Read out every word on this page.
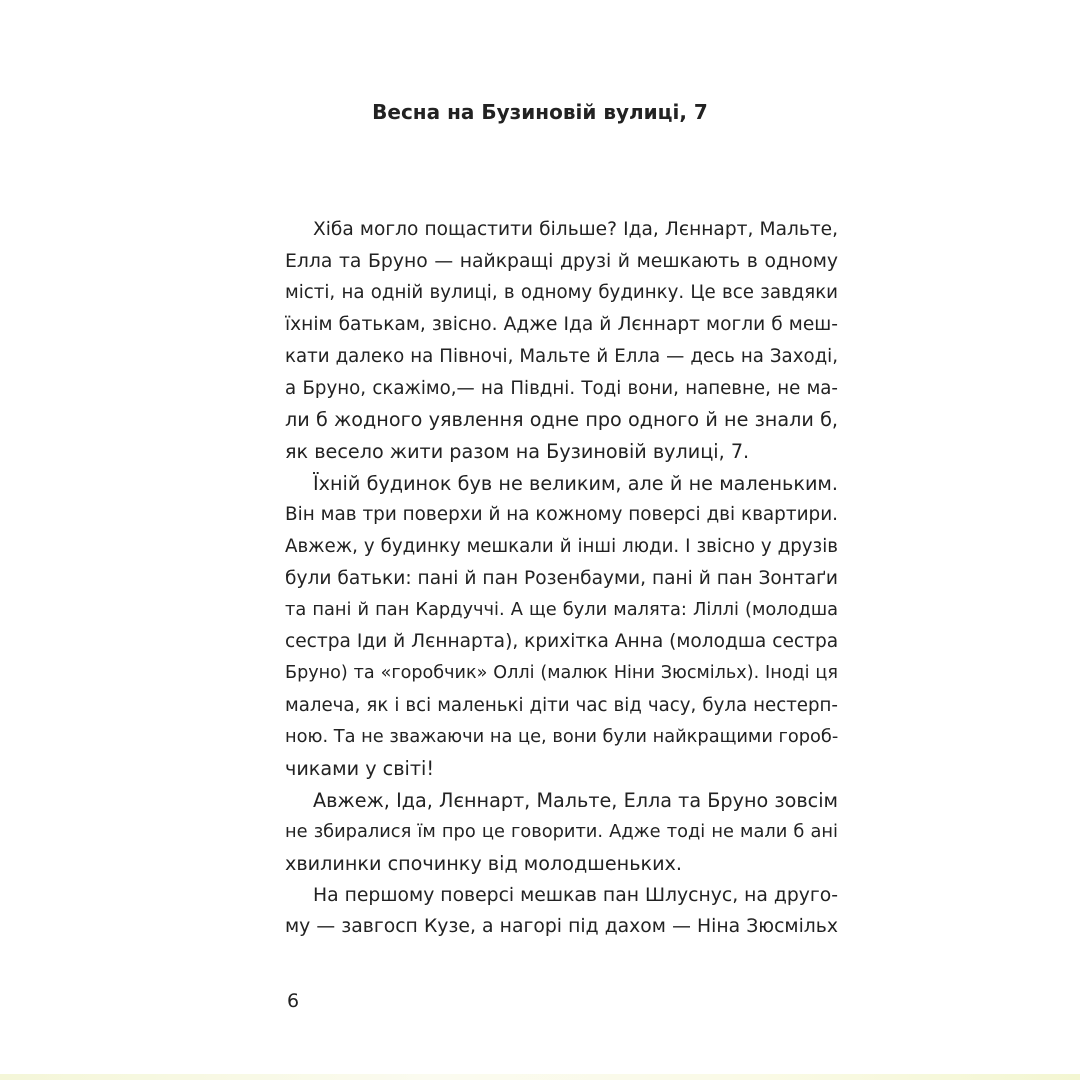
Весна на Бузиновій вулиці, 7

Хіба могло пощастити більше? Іда, Лєннарт, Мальте,

Елла та Бруно — найкращі друзі й мешкають в одному

місті, на одній вулиці, в одному будинку. Це все завдяки

їхнім батькам, звісно. Адже Іда й Лєннарт могли б меш-

кати далеко на Півночі, Мальте й Елла — десь на Заході,

а Бруно, скажімо,— на Півдні. Тоді вони, напевне, не ма-

ли б жодного уявлення одне про одного й не знали б,

як весело жити разом на Бузиновій вулиці, 7.

Їхній будинок був не великим, але й не маленьким.

Він мав три поверхи й на кожному поверсі дві квартири.

Авжеж, у будинку мешкали й інші люди. І звісно у друзів

були батьки: пані й пан Розенбауми, пані й пан Зонтаґи

та пані й пан Кардуччі. А ще були малята: Ліллі (молодша

сестра Іди й Лєннарта), крихітка Анна (молодша сестра

Бруно) та «горобчик» Оллі (малюк Ніни Зюсмільх). Іноді ця

малеча, як і всі маленькі діти час від часу, була нестерп-

ною. Та не зважаючи на це, вони були найкращими гороб-

чиками у світі!

Авжеж, Іда, Лєннарт, Мальте, Елла та Бруно зовсім

не збиралися їм про це говорити. Адже тоді не мали б ані

хвилинки спочинку від молодшеньких.

На першому поверсі мешкав пан Шлуснус, на друго-

му — завгосп Кузе, а нагорі під дахом — Ніна Зюсмільх

6
